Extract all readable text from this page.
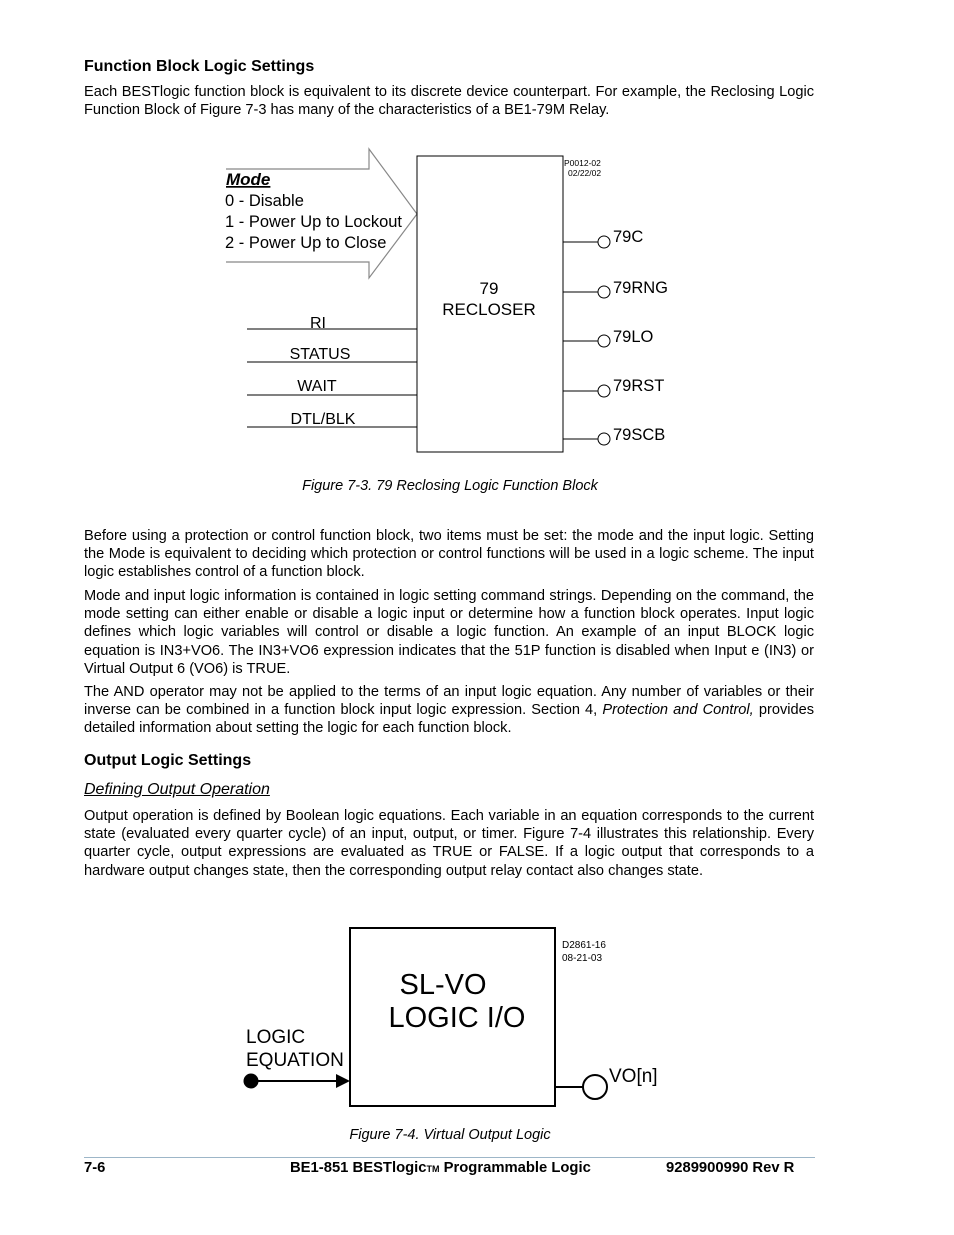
Function Block Logic Settings

Each BESTlogic function block is equivalent to its discrete device counterpart. For example, the Reclosing Logic Function Block of Figure 7-3 has many of the characteristics of a BE1-79M Relay.

Mode
0 - Disable
1 - Power Up to Lockout
2 - Power Up to Close
79
RECLOSER
P0012-02
02/22/02
RI
STATUS
WAIT
DTL/BLK
79C
79RNG
79LO
79RST
79SCB
Figure 7-3. 79 Reclosing Logic Function Block

Before using a protection or control function block, two items must be set: the mode and the input logic. Setting the Mode is equivalent to deciding which protection or control functions will be used in a logic scheme. The input logic establishes control of a function block.

Mode and input logic information is contained in logic setting command strings. Depending on the command, the mode setting can either enable or disable a logic input or determine how a function block operates. Input logic defines which logic variables will control or disable a logic function. An example of an input BLOCK logic equation is IN3+VO6. The IN3+VO6 expression indicates that the 51P function is disabled when Input e (IN3) or Virtual Output 6 (VO6) is TRUE.

The AND operator may not be applied to the terms of an input logic equation. Any number of variables or their inverse can be combined in a function block input logic expression. Section 4, Protection and Control, provides detailed information about setting the logic for each function block.

Output Logic Settings
Defining Output Operation

Output operation is defined by Boolean logic equations. Each variable in an equation corresponds to the current state (evaluated every quarter cycle) of an input, output, or timer. Figure 7-4 illustrates this relationship. Every quarter cycle, output expressions are evaluated as TRUE or FALSE. If a logic output that corresponds to a hardware output changes state, then the corresponding output relay contact also changes state.

SL-VO
LOGIC I/O
D2861-16
08-21-03
LOGIC
EQUATION
VO[n]
Figure 7-4. Virtual Output Logic
7-6	BE1-851 BESTlogicTM Programmable Logic	9289900990 Rev R
